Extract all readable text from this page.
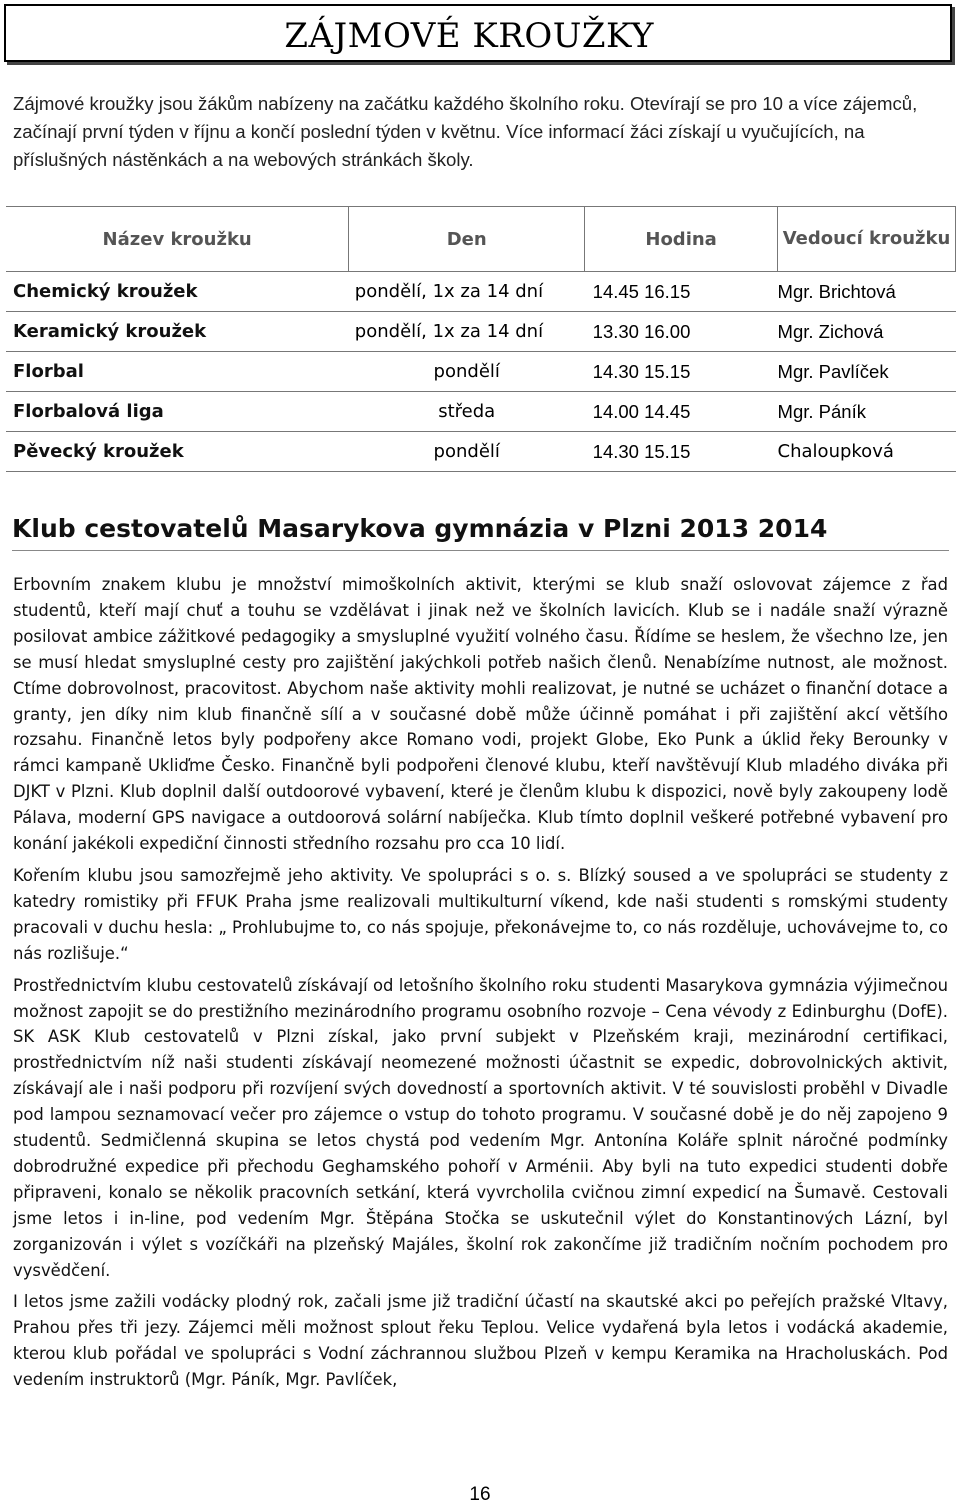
ZÁJMOVÉ KROUŽKY
Zájmové kroužky jsou žákům nabízeny na začátku každého školního roku. Otevírají se pro 10 a více zájemců, začínají první týden v říjnu a končí poslední týden v květnu. Více informací žáci získají u vyučujících, na příslušných nástěnkách a na webových stránkách školy.
Název kroužku	Den	Hodina	Vedoucí kroužku
Chemický kroužek	pondělí, 1x za 14 dní	14.45 16.15	Mgr. Brichtová
Keramický kroužek	pondělí, 1x za 14 dní	13.30 16.00	Mgr. Zichová
Florbal	pondělí	14.30 15.15	Mgr. Pavlíček
Florbalová liga	středa	14.00 14.45	Mgr. Páník
Pěvecký kroužek	pondělí	14.30 15.15	Chaloupková
Klub cestovatelů Masarykova gymnázia v Plzni 2013 2014

Erbovním znakem klubu je množství mimoškolních aktivit, kterými se klub snaží oslovovat zájemce z řad studentů, kteří mají chuť a touhu se vzdělávat i jinak než ve školních lavicích. Klub se i nadále snaží výrazně posilovat ambice zážitkové pedagogiky a smysluplné využití volného času. Řídíme se heslem, že všechno lze, jen se musí hledat smysluplné cesty pro zajištění jakýchkoli potřeb našich členů. Nenabízíme nutnost, ale možnost. Ctíme dobrovolnost, pracovitost. Abychom naše aktivity mohli realizovat, je nutné se ucházet o finanční dotace a granty, jen díky nim klub finančně sílí a v současné době může účinně pomáhat i při zajištění akcí většího rozsahu. Finančně letos byly podpořeny akce Romano vodi, projekt Globe, Eko Punk a úklid řeky Berounky v rámci kampaně Ukliďme Česko. Finančně byli podpořeni členové klubu, kteří navštěvují Klub mladého diváka při DJKT v Plzni. Klub doplnil další outdoorové vybavení, které je členům klubu k dispozici, nově byly zakoupeny lodě Pálava, moderní GPS navigace a outdoorová solární nabíječka. Klub tímto doplnil veškeré potřebné vybavení pro konání jakékoli expediční činnosti středního rozsahu pro cca 10 lidí.

Kořením klubu jsou samozřejmě jeho aktivity. Ve spolupráci s o. s. Blízký soused a ve spolupráci se studenty z katedry romistiky při FFUK Praha jsme realizovali multikulturní víkend, kde naši studenti s romskými studenty pracovali v duchu hesla: „ Prohlubujme to, co nás spojuje, překonávejme to, co nás rozděluje, uchovávejme to, co nás rozlišuje.“

Prostřednictvím klubu cestovatelů získávají od letošního školního roku studenti Masarykova gymnázia výjimečnou možnost zapojit se do prestižního mezinárodního programu osobního rozvoje – Cena vévody z Edinburghu (DofE). SK ASK Klub cestovatelů v Plzni získal, jako první subjekt v Plzeňském kraji, mezinárodní certifikaci, prostřednictvím níž naši studenti získávají neomezené možnosti účastnit se expedic, dobrovolnických aktivit, získávají ale i naši podporu při rozvíjení svých dovedností a sportovních aktivit. V té souvislosti proběhl v Divadle pod lampou seznamovací večer pro zájemce o vstup do tohoto programu. V současné době je do něj zapojeno 9 studentů. Sedmičlenná skupina se letos chystá pod vedením Mgr. Antonína Koláře splnit náročné podmínky dobrodružné expedice při přechodu Geghamského pohoří v Arménii. Aby byli na tuto expedici studenti dobře připraveni, konalo se několik pracovních setkání, která vyvrcholila cvičnou zimní expedicí na Šumavě. Cestovali jsme letos i in-line, pod vedením Mgr. Štěpána Stočka se uskutečnil výlet do Konstantinových Lázní, byl zorganizován i výlet s vozíčkáři na plzeňský Majáles, školní rok zakončíme již tradičním nočním pochodem pro vysvědčení.

I letos jsme zažili vodácky plodný rok, začali jsme již tradiční účastí na skautské akci po peřejích pražské Vltavy, Prahou přes tři jezy. Zájemci měli možnost splout řeku Teplou. Velice vydařená byla letos i vodácká akademie, kterou klub pořádal ve spolupráci s Vodní záchrannou službou Plzeň v kempu Keramika na Hracholuskách. Pod vedením instruktorů (Mgr. Páník, Mgr. Pavlíček,

16
